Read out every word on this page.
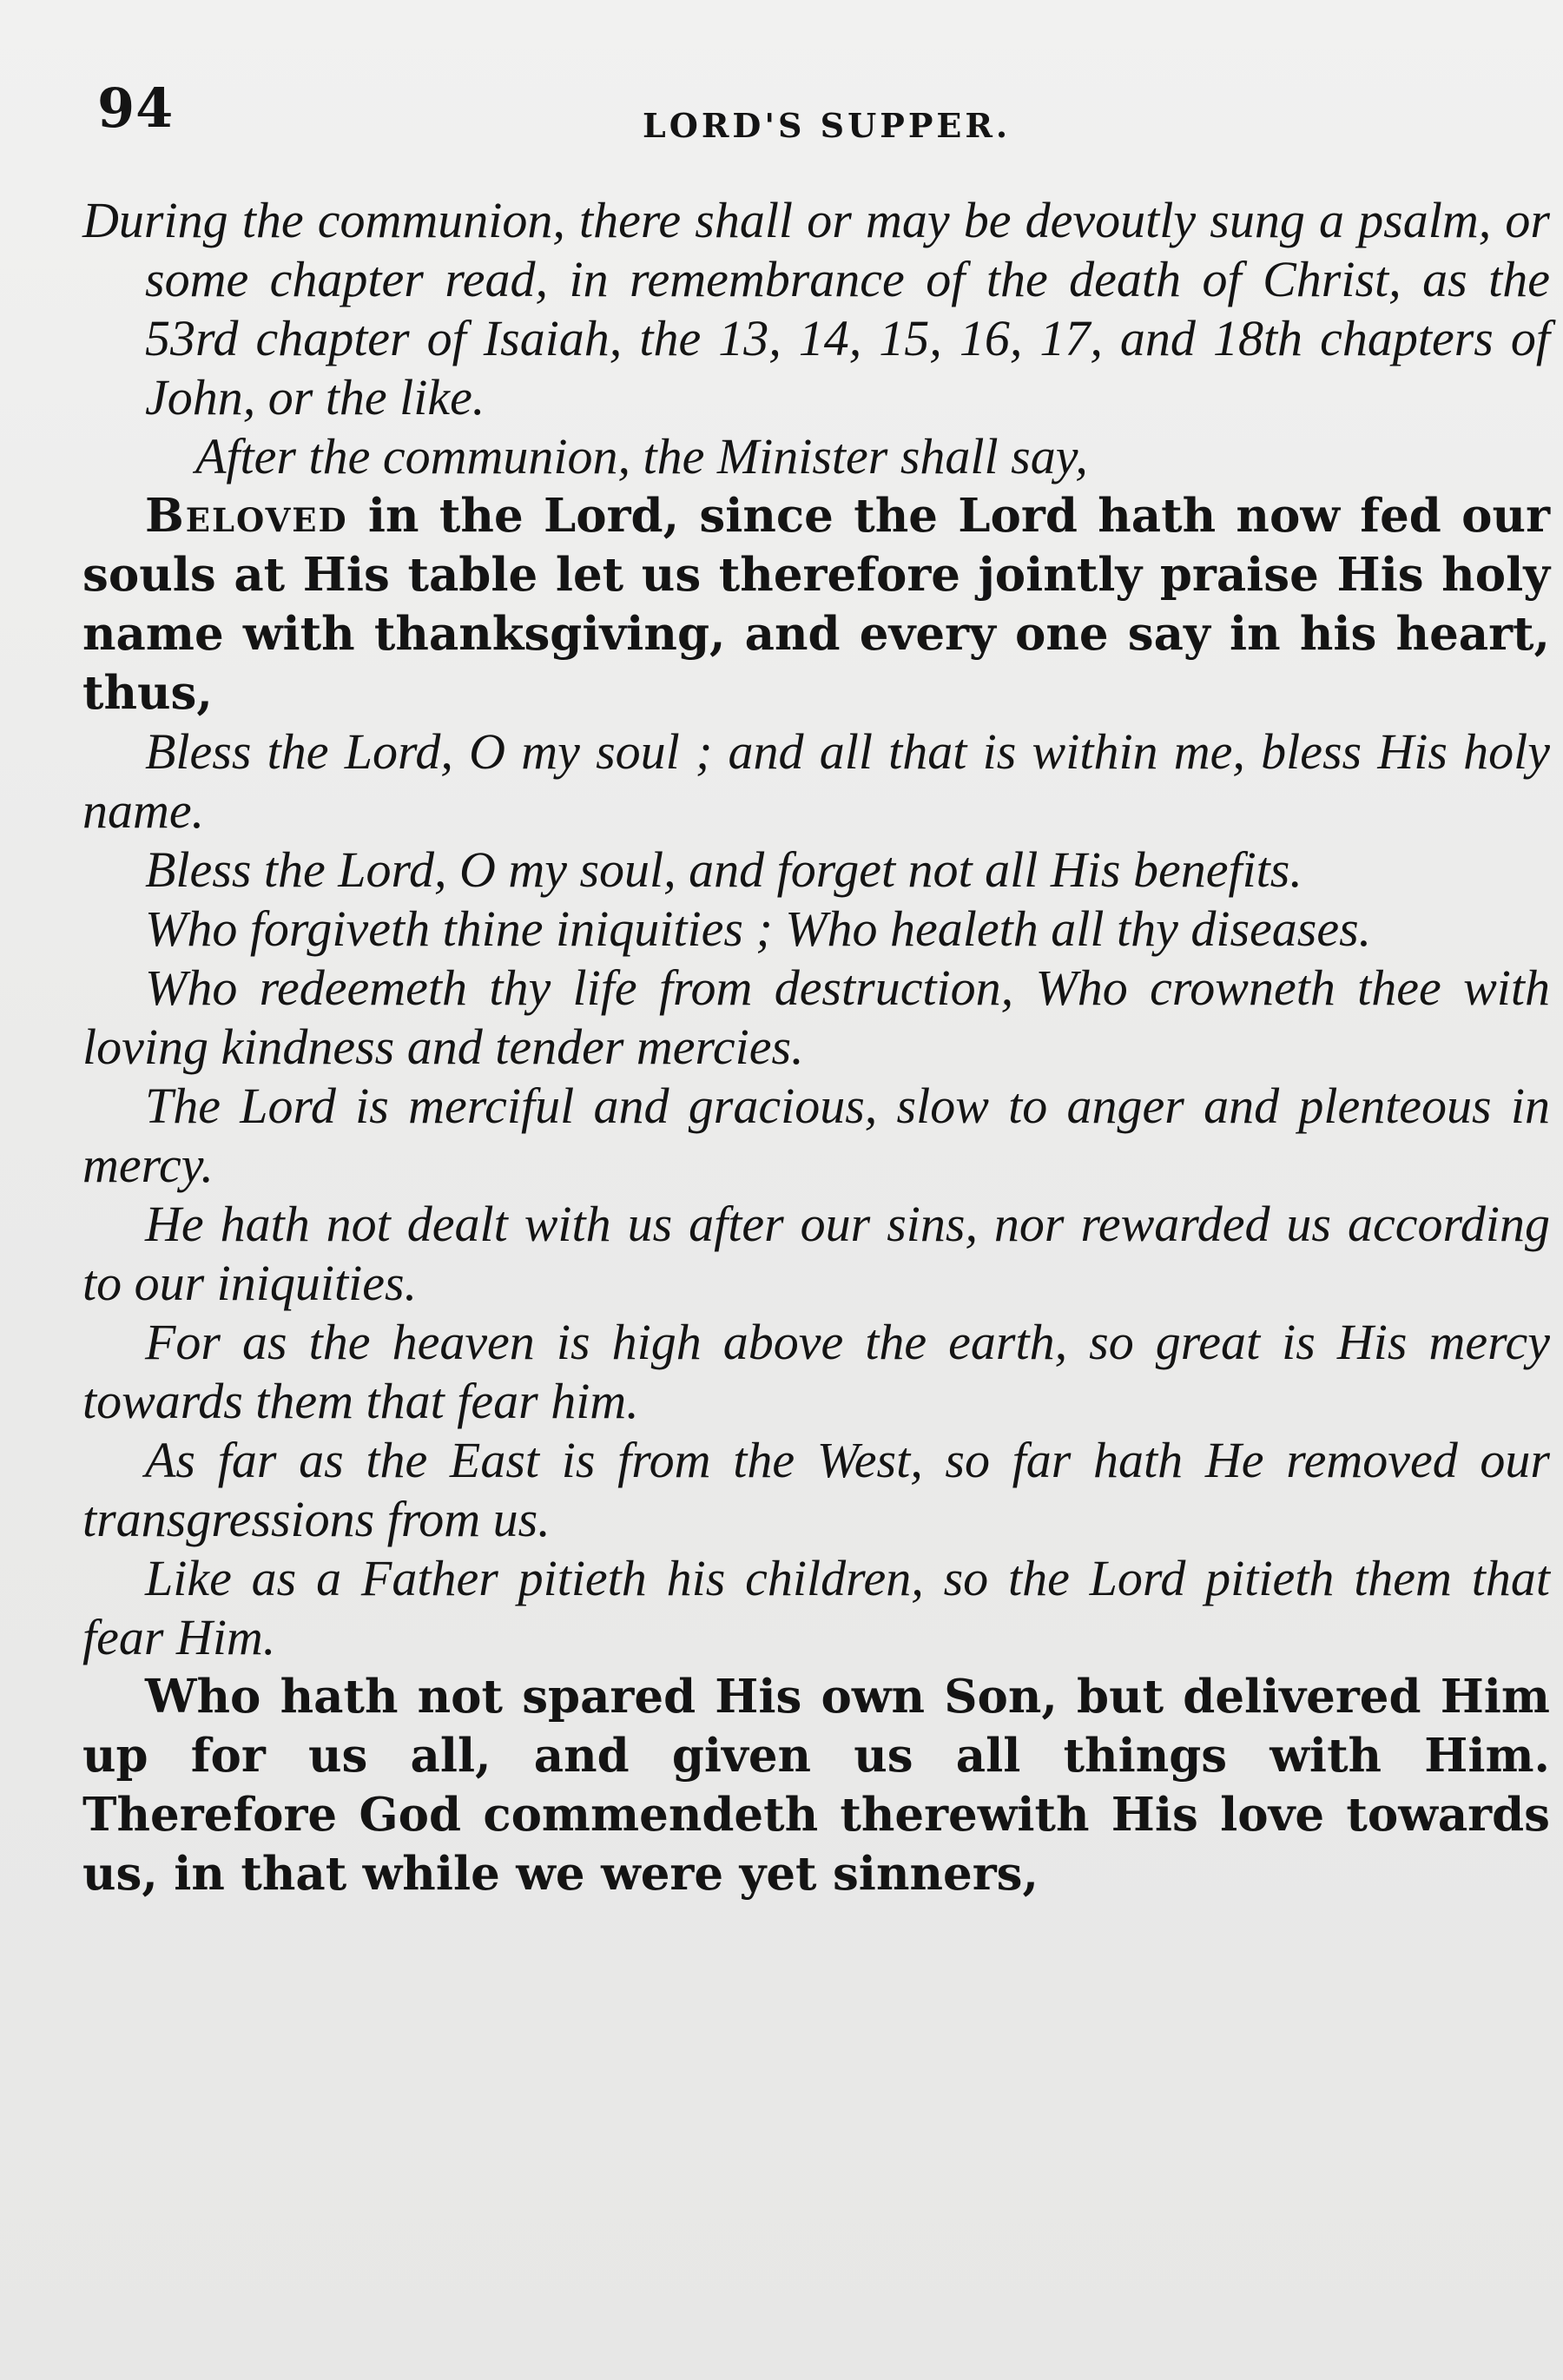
94	LORD'S SUPPER.

During the communion, there shall or may be devoutly sung a psalm, or some chapter read, in remembrance of the death of Christ, as the 53rd chapter of Isaiah, the 13, 14, 15, 16, 17, and 18th chapters of John, or the like.

After the communion, the Minister shall say,

Beloved in the Lord, since the Lord hath now fed our souls at His table let us therefore jointly praise His holy name with thanksgiving, and every one say in his heart, thus,

Bless the Lord, O my soul ; and all that is within me, bless His holy name.

Bless the Lord, O my soul, and forget not all His benefits.

Who forgiveth thine iniquities ; Who healeth all thy diseases.

Who redeemeth thy life from destruction, Who crowneth thee with loving kindness and tender mercies.

The Lord is merciful and gracious, slow to anger and plenteous in mercy.

He hath not dealt with us after our sins, nor rewarded us according to our iniquities.

For as the heaven is high above the earth, so great is His mercy towards them that fear him.

As far as the East is from the West, so far hath He removed our transgressions from us.

Like as a Father pitieth his children, so the Lord pitieth them that fear Him.

Who hath not spared His own Son, but delivered Him up for us all, and given us all things with Him. Therefore God commendeth therewith His love towards us, in that while we were yet sinners,
